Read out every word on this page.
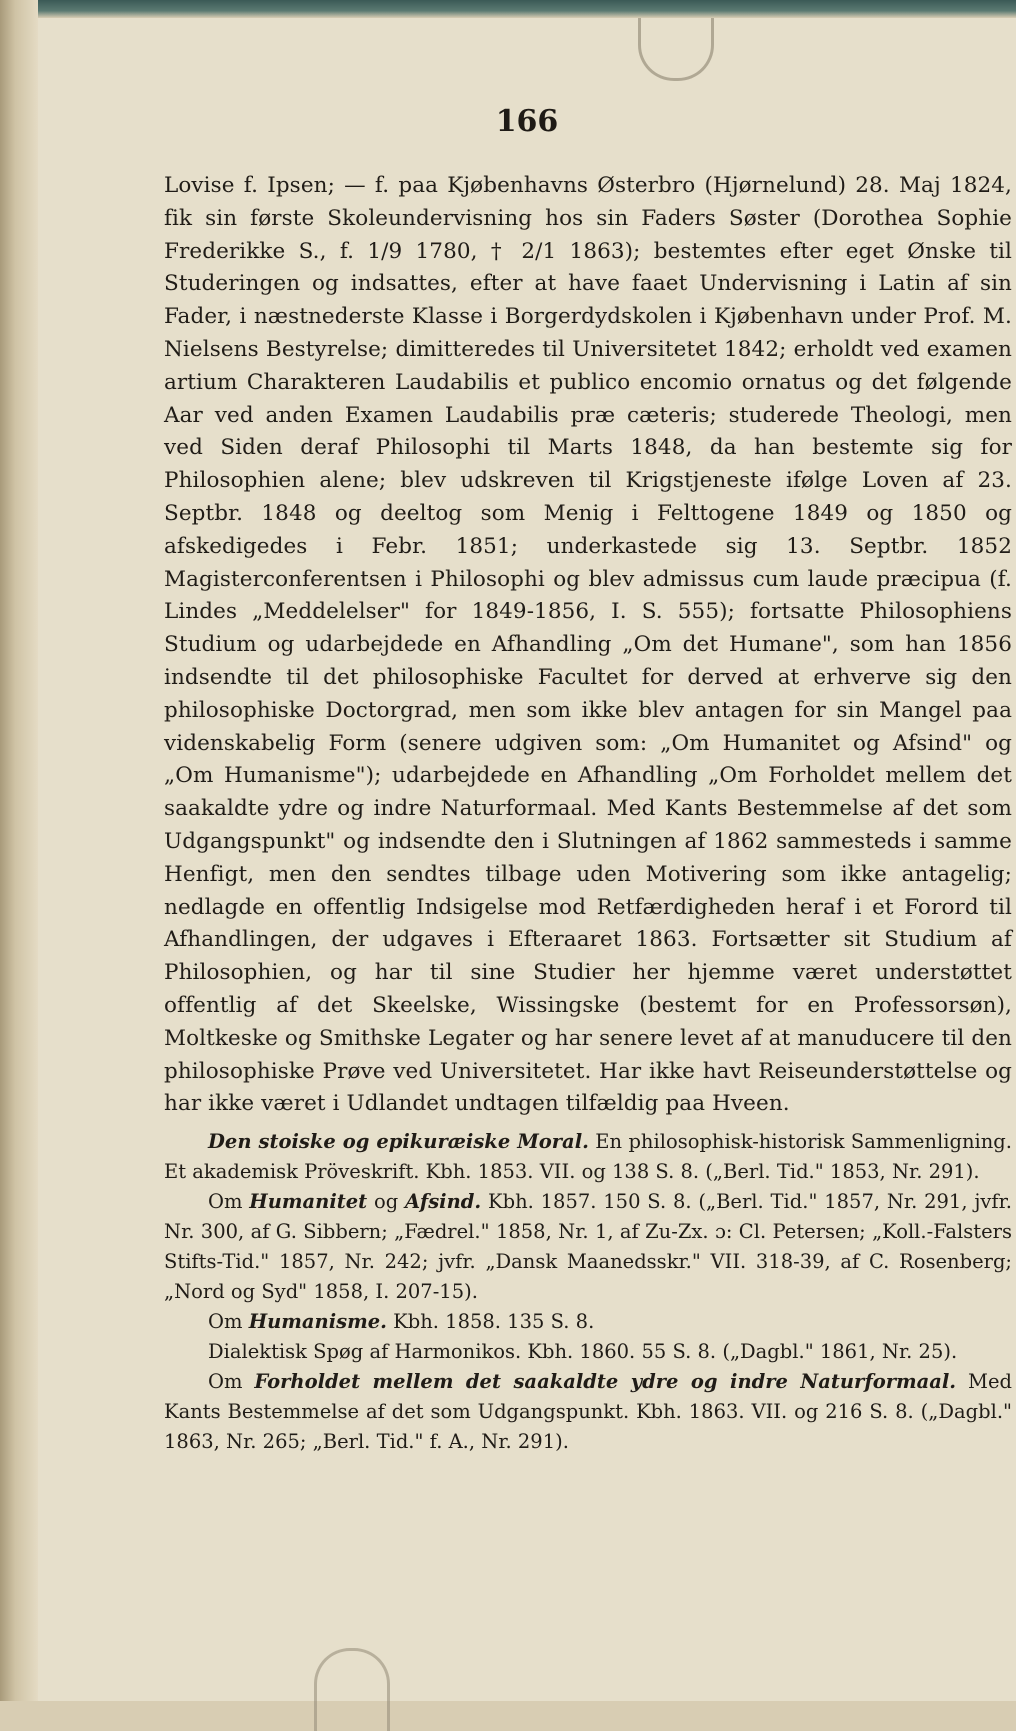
166

Lovise f. Ipsen; — f. paa Kjøbenhavns Østerbro (Hjørnelund) 28. Maj 1824, fik sin første Skoleundervisning hos sin Faders Søster (Dorothea Sophie Frederikke S., f. 1/9 1780, † 2/1 1863); bestemtes efter eget Ønske til Studeringen og indsattes, efter at have faaet Undervisning i Latin af sin Fader, i næstnederste Klasse i Borgerdydskolen i Kjøbenhavn under Prof. M. Nielsens Bestyrelse; dimitteredes til Universitetet 1842; erholdt ved examen artium Charakteren Laudabilis et publico encomio ornatus og det følgende Aar ved anden Examen Laudabilis præ cæteris; studerede Theologi, men ved Siden deraf Philosophi til Marts 1848, da han bestemte sig for Philosophien alene; blev udskreven til Krigstjeneste ifølge Loven af 23. Septbr. 1848 og deeltog som Menig i Felttogene 1849 og 1850 og afskedigedes i Febr. 1851; underkastede sig 13. Septbr. 1852 Magisterconferentsen i Philosophi og blev admissus cum laude præcipua (f. Lindes „Meddelelser" for 1849-1856, I. S. 555); fortsatte Philosophiens Studium og udarbejdede en Afhandling „Om det Humane", som han 1856 indsendte til det philosophiske Facultet for derved at erhverve sig den philosophiske Doctorgrad, men som ikke blev antagen for sin Mangel paa videnskabelig Form (senere udgiven som: „Om Humanitet og Afsind" og „Om Humanisme"); udarbejdede en Afhandling „Om Forholdet mellem det saakaldte ydre og indre Naturformaal. Med Kants Bestemmelse af det som Udgangspunkt" og indsendte den i Slutningen af 1862 sammesteds i samme Henfigt, men den sendtes tilbage uden Motivering som ikke antagelig; nedlagde en offentlig Indsigelse mod Retfærdigheden heraf i et Forord til Afhandlingen, der udgaves i Efteraaret 1863. Fortsætter sit Studium af Philosophien, og har til sine Studier her hjemme været understøttet offentlig af det Skeelske, Wissingske (bestemt for en Professorsøn), Moltkeske og Smithske Legater og har senere levet af at manuducere til den philosophiske Prøve ved Universitetet. Har ikke havt Reiseunderstøttelse og har ikke været i Udlandet undtagen tilfældig paa Hveen.

Den stoiske og epikuræiske Moral. En philosophisk-historisk Sammenligning. Et akademisk Pröveskrift. Kbh. 1853. VII. og 138 S. 8. („Berl. Tid." 1853, Nr. 291).

Om Humanitet og Afsind. Kbh. 1857. 150 S. 8. („Berl. Tid." 1857, Nr. 291, jvfr. Nr. 300, af G. Sibbern; „Fædrel." 1858, Nr. 1, af Zu-Zx. ɔ: Cl. Petersen; „Koll.-Falsters Stifts-Tid." 1857, Nr. 242; jvfr. „Dansk Maanedsskr." VII. 318-39, af C. Rosenberg; „Nord og Syd" 1858, I. 207-15).

Om Humanisme. Kbh. 1858. 135 S. 8.

Dialektisk Spøg af Harmonikos. Kbh. 1860. 55 S. 8. („Dagbl." 1861, Nr. 25).

Om Forholdet mellem det saakaldte ydre og indre Naturformaal. Med Kants Bestemmelse af det som Udgangspunkt. Kbh. 1863. VII. og 216 S. 8. („Dagbl." 1863, Nr. 265; „Berl. Tid." f. A., Nr. 291).
